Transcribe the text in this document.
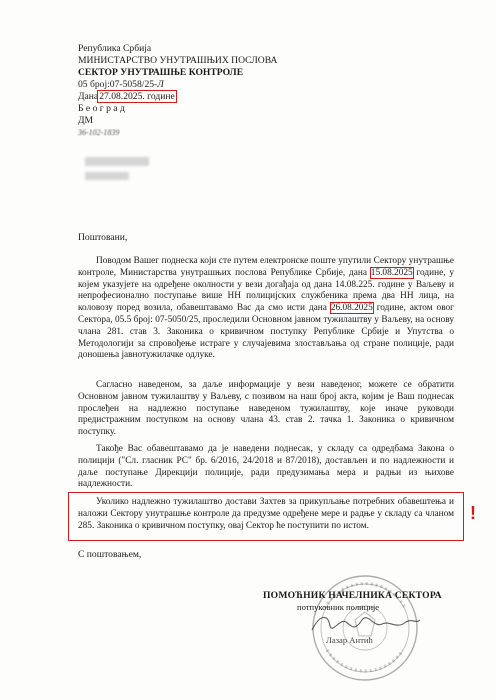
Република Србија
МИНИСТАРСТВО УНУТРАШЊИХ ПОСЛОВА
СЕКТОР УНУТРАШЊЕ КОНТРОЛЕ
05 број:07-5058/25-Л
Дана27.08.2025. године
Б е о г р а д
ДМ
36-102-1839
Поштовани,

Поводом Вашег поднеска који сте путем електронске поште упутили Сектору унутрашње контроле, Министарства унутрашњих послова Републике Србије, дана 15.08.2025 године, у којем указујете на одређене околности у вези догађаја од дана 14.08.225. године у Ваљеву и непрофесионално поступање више НН полицијских службеника према два НН лица, на коловозу поред возила, обавештавамо Вас да смо исти дана 26.08.2025 године, актом овог Сектора, 05.5 број: 07-5050/25, проследили Основном јавном тужилаштву у Ваљеву, на основу члана 281. став 3. Законика о кривичном поступку Републике Србије и Упутства о Методологији за спровођење истраге у случајевима злостављања од стране полиције, ради доношења јавнотужилачке одлуке.

Сагласно наведеном, за даље информације у вези наведеног, можете се обратити Основном јавном тужилаштву у Ваљеву, с позивом на наш број акта, којим је Ваш поднесак прослеђен на надлежно поступање наведеном тужилаштву, које иначе руководи предистражним поступком на основу члана 43. став 2. тачка 1. Законика о кривичном поступку.

Такође Вас обавештавамо да је наведени поднесак, у складу са одредбама Закона о полицији ("Сл. гласник РС" бр. 6/2016, 24/2018 и 87/2018), достављен и по надлежности и даље поступање Дирекцији полиције, ради предузимања мера и радњи из њихове надлежности.

Уколико надлежно тужилаштво достави Захтев за прикупљање потребних обавештења и наложи Сектору унутрашње контроле да предузме одређене мере и радње у складу са чланом 285. Законика о кривичном поступку, овај Сектор ће поступити по истом.

!
С поштовањем,
ПОМОЋНИК НАЧЕЛНИКА СЕКТОРА
потпуковник полиције
Лазар Антић
